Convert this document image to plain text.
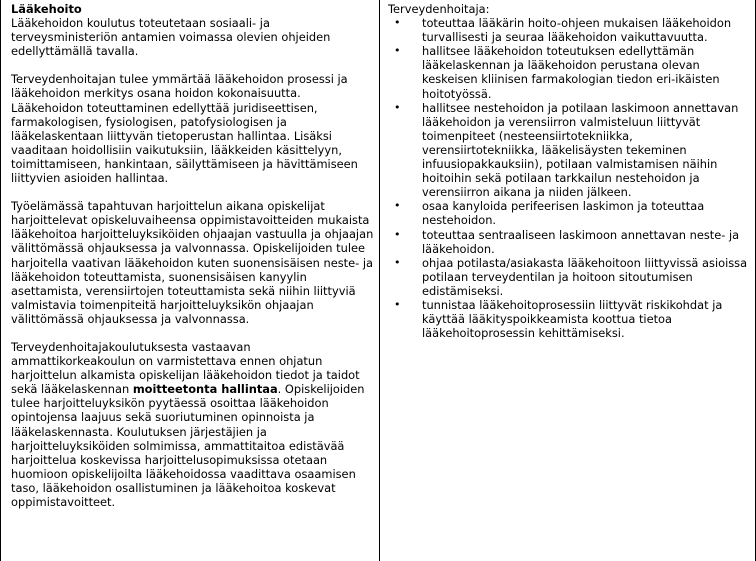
Lääkehoito

Lääkehoidon koulutus toteutetaan sosiaali- ja terveysministeriön antamien voimassa olevien ohjeiden edellyttämällä tavalla.

Terveydenhoitajan tulee ymmärtää lääkehoidon prosessi ja lääkehoidon merkitys osana hoidon kokonaisuutta. Lääkehoidon toteuttaminen edellyttää juridiseettisen, farmakologisen, fysiologisen, patofysiologisen ja lääkelaskentaan liittyvän tietoperustan hallintaa. Lisäksi vaaditaan hoidollisiin vaikutuksiin, lääkkeiden käsittelyyn, toimittamiseen, hankintaan, säilyttämiseen ja hävittämiseen liittyvien asioiden hallintaa.

Työelämässä tapahtuvan harjoittelun aikana opiskelijat harjoittelevat opiskeluvaiheensa oppimistavoitteiden mukaista lääkehoitoa harjoitteluyksiköiden ohjaajan vastuulla ja ohjaajan välittömässä ohjauksessa ja valvonnassa. Opiskelijoiden tulee harjoitella vaativan lääkehoidon kuten suonensisäisen neste- ja lääkehoidon toteuttamista, suonensisäisen kanyylin asettamista, verensiirtojen toteuttamista sekä niihin liittyviä valmistavia toimenpiteitä harjoitteluyksikön ohjaajan välittömässä ohjauksessa ja valvonnassa.

Terveydenhoitajakoulutuksesta vastaavan ammattikorkeakoulun on varmistettava ennen ohjatun harjoittelun alkamista opiskelijan lääkehoidon tiedot ja taidot sekä lääkelaskennan moitteetonta hallintaa. Opiskelijoiden tulee harjoitteluyksikön pyytäessä osoittaa lääkehoidon opintojensa laajuus sekä suoriutuminen opinnoista ja lääkelaskennasta. Koulutuksen järjestäjien ja harjoitteluyksiköiden solmimissa, ammattitaitoa edistävää harjoittelua koskevissa harjoittelusopimuksissa otetaan huomioon opiskelijoilta lääkehoidossa vaadittava osaamisen taso, lääkehoidon osallistuminen ja lääkehoitoa koskevat oppimistavoitteet.

Terveydenhoitaja:
• toteuttaa lääkärin hoito-ohjeen mukaisen lääkehoidon turvallisesti ja seuraa lääkehoidon vaikuttavuutta.
• hallitsee lääkehoidon toteutuksen edellyttämän lääkelaskennan ja lääkehoidon perustana olevan keskeisen kliinisen farmakologian tiedon eri-ikäisten hoitotyössä.
• hallitsee nestehoidon ja potilaan laskimoon annettavan lääkehoidon ja verensiirron valmisteluun liittyvät toimenpiteet (nesteensiirtotekniikka, verensiirtotekniikka, lääkelisäysten tekeminen infuusiopakkauksiin), potilaan valmistamisen näihin hoitoihin sekä potilaan tarkkailun nestehoidon ja verensiirron aikana ja niiden jälkeen.
• osaa kanyloida perifeerisen laskimon ja toteuttaa nestehoidon.
• toteuttaa sentraaliseen laskimoon annettavan neste- ja lääkehoidon.
• ohjaa potilasta/asiakasta lääkehoitoon liittyvissä asioissa potilaan terveydentilan ja hoitoon sitoutumisen edistämiseksi.
• tunnistaa lääkehoitoprosessiin liittyvät riskikohdat ja käyttää lääkityspoikkeamista koottua tietoa lääkehoitoprosessin kehittämiseksi.
